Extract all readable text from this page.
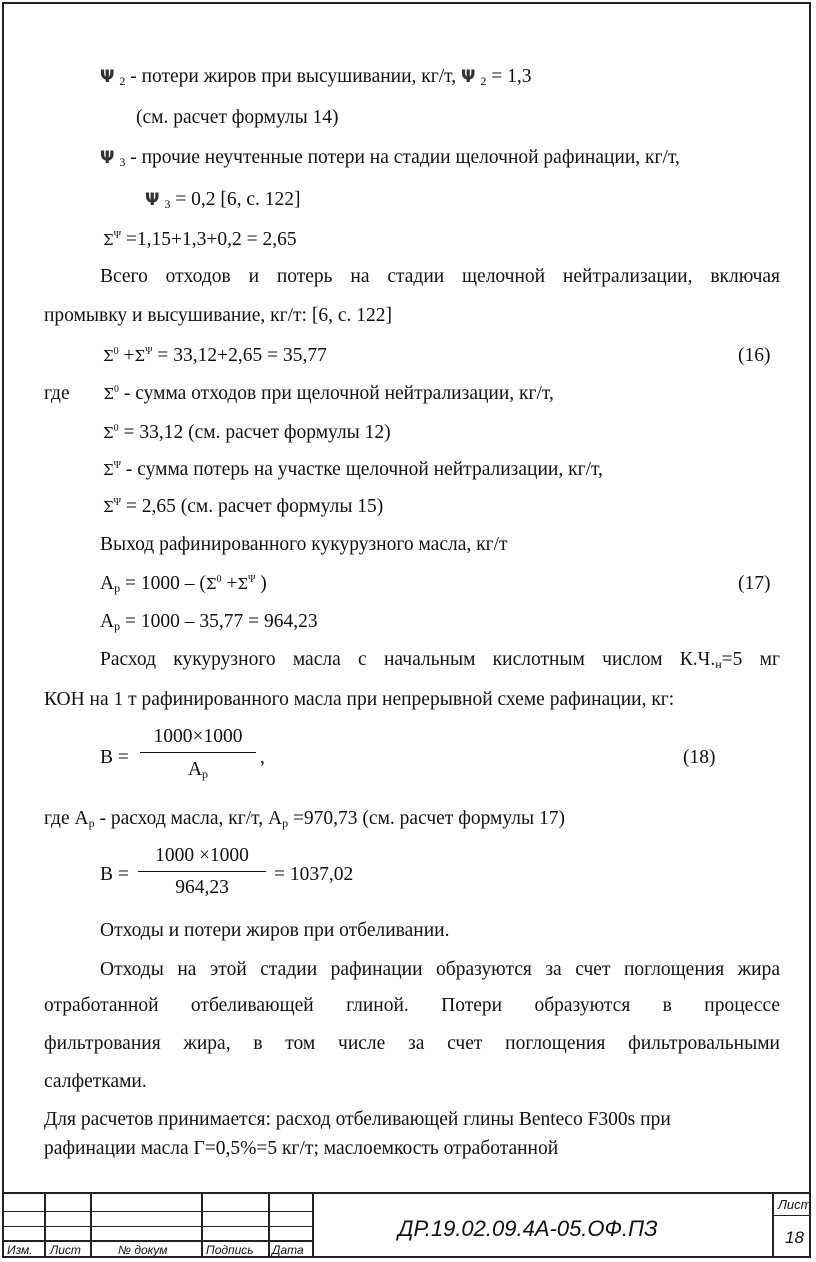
Ψ $_2$ - потери жиров при высушивании, кг/т, Ψ $_2$ = 1,3
(см. расчет формулы 14)
Ψ $_3$ - прочие неучтенные потери на стадии щелочной рафинации, кг/т,
Ψ $_3$ = 0,2 [6, с. 122]
$\Sigma^\Psi =1,15+1,3+0,2 = 2,65$
Всего отходов и потерь на стадии щелочной нейтрализации, включая
промывку и высушивание, кг/т: [6, с. 122]
$\Sigma^0 +\Sigma^\Psi = 33,12+2,65 = 35,77$	(16)
где $\Sigma^0$ - сумма отходов при щелочной нейтрализации, кг/т,
$\Sigma^0 = 33,12$ (см. расчет формулы 12)
$\Sigma^\Psi$ - сумма потерь на участке щелочной нейтрализации, кг/т,
$\Sigma^\Psi = 2,65$ (см. расчет формулы 15)
Выход рафинированного кукурузного масла, кг/т
$A_р = 1000 - (\Sigma^0 +\Sigma^\Psi$ )	(17)
$A_р = 1000 - 35,77 = 964,23$
Расход кукурузного масла с начальным кислотным числом $К.Ч._н=5$ мг
КОН на 1 т рафинированного масла при непрерывной схеме рафинации, кг:
B =
1000×1000
$A_р$
,	(18)
где $A_р$ - расход масла, кг/т, $A_р =970,73$ (см. расчет формулы 17)
B =
1000 ×1000
964,23
= 1037,02
Отходы и потери жиров при отбеливании.
Отходы на этой стадии рафинации образуются за счет поглощения жира
отработанной отбеливающей глиной. Потери образуются в процессе
фильтрования жира, в том числе за счет поглощения фильтровальными
салфетками.
Для расчетов принимается: расход отбеливающей глины Benteco F300s при
рафинации масла Г=0,5%=5 кг/т; маслоемкость отработанной
Изм. Лист	№ докум	Подпись Дата
ДР.19.02.09.4А-05.ОФ.ПЗ
Лист
18
